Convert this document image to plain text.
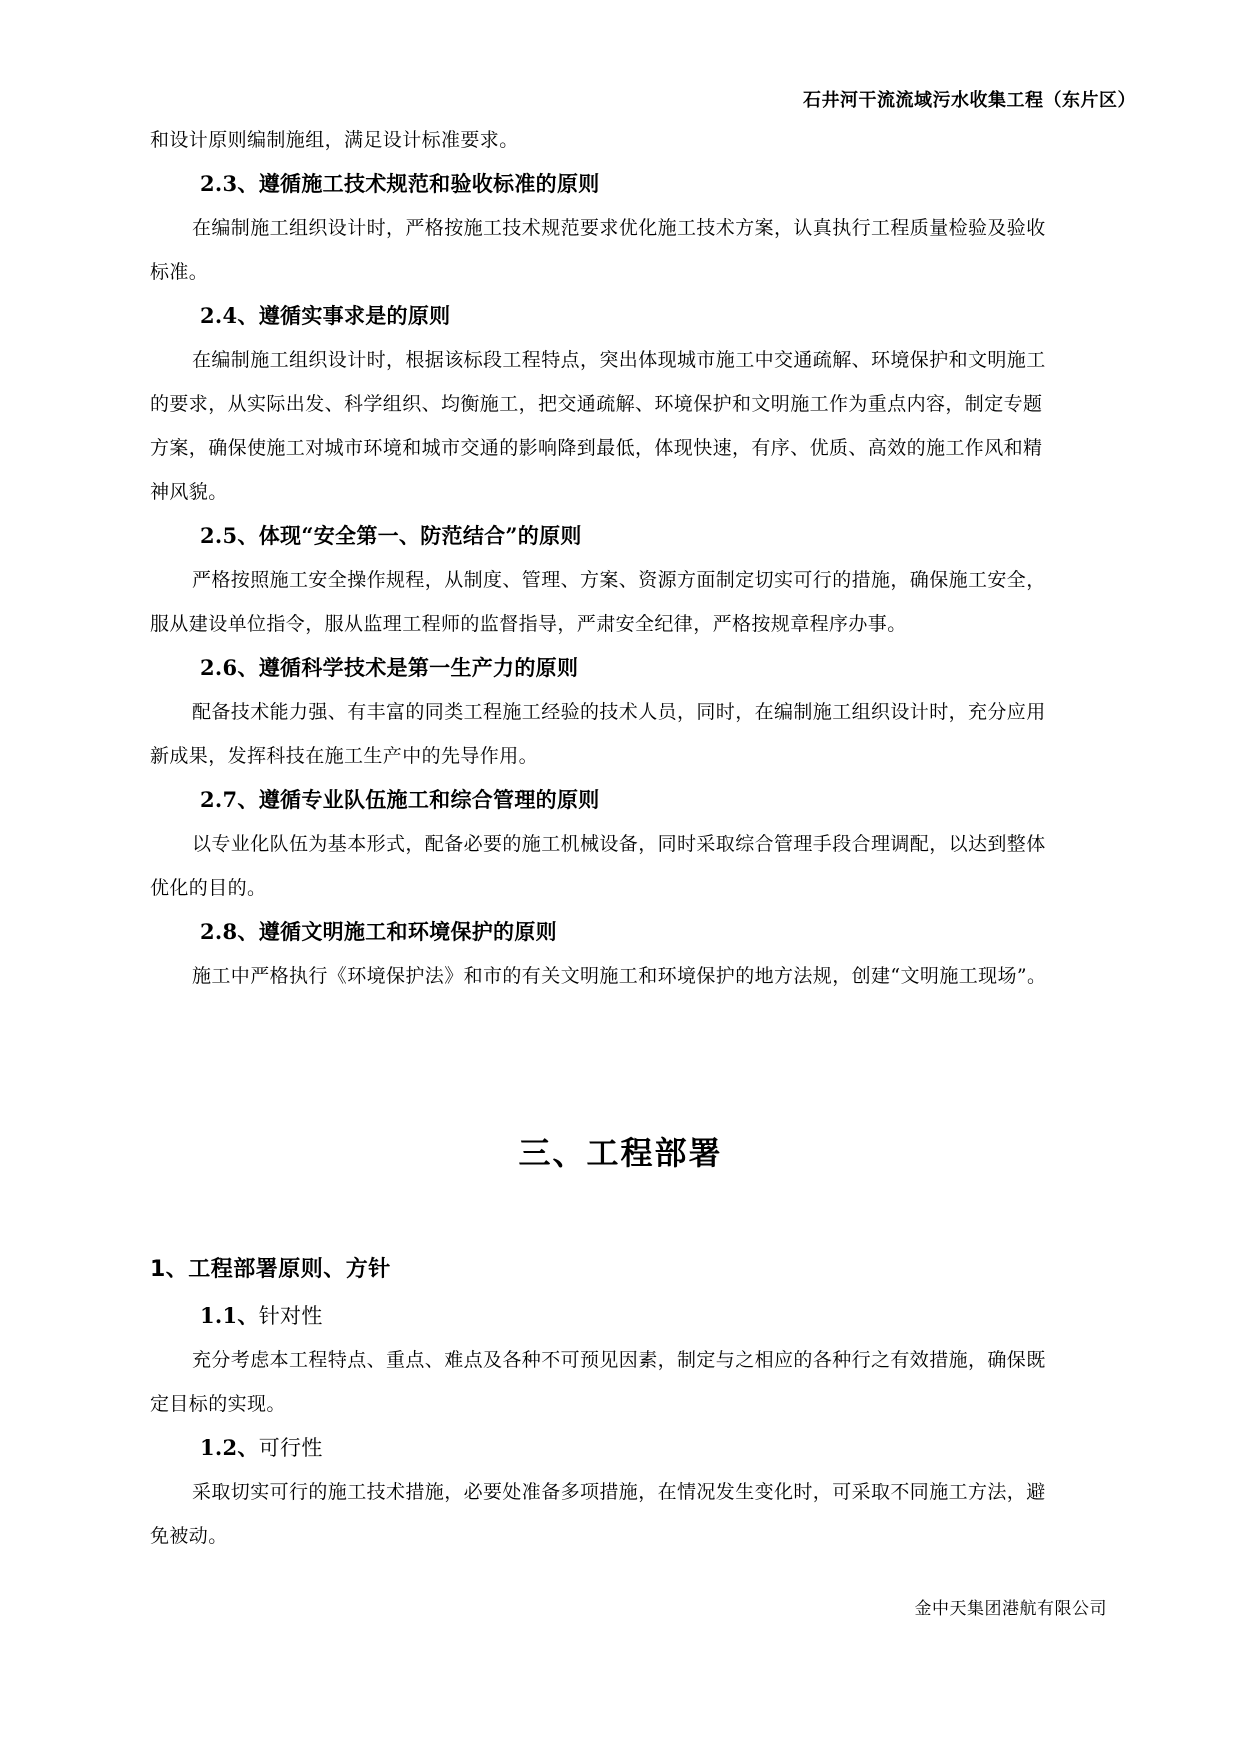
石井河干流流域污水收集工程（东片区）

和设计原则编制施组，满足设计标准要求。

2.3、遵循施工技术规范和验收标准的原则

在编制施工组织设计时，严格按施工技术规范要求优化施工技术方案，认真执行工程质量检验及验收

标准。

2.4、遵循实事求是的原则

在编制施工组织设计时，根据该标段工程特点，突出体现城市施工中交通疏解、环境保护和文明施工

的要求，从实际出发、科学组织、均衡施工，把交通疏解、环境保护和文明施工作为重点内容，制定专题

方案，确保使施工对城市环境和城市交通的影响降到最低，体现快速，有序、优质、高效的施工作风和精

神风貌。

2.5、体现“安全第一、防范结合”的原则

严格按照施工安全操作规程，从制度、管理、方案、资源方面制定切实可行的措施，确保施工安全，

服从建设单位指令，服从监理工程师的监督指导，严肃安全纪律，严格按规章程序办事。

2.6、遵循科学技术是第一生产力的原则

配备技术能力强、有丰富的同类工程施工经验的技术人员，同时，在编制施工组织设计时，充分应用

新成果，发挥科技在施工生产中的先导作用。

2.7、遵循专业队伍施工和综合管理的原则

以专业化队伍为基本形式，配备必要的施工机械设备，同时采取综合管理手段合理调配，以达到整体

优化的目的。

2.8、遵循文明施工和环境保护的原则

施工中严格执行《环境保护法》和市的有关文明施工和环境保护的地方法规，创建“文明施工现场”。

三、工程部署
1、工程部署原则、方针

1.1、针对性

充分考虑本工程特点、重点、难点及各种不可预见因素，制定与之相应的各种行之有效措施，确保既

定目标的实现。

1.2、可行性

采取切实可行的施工技术措施，必要处准备多项措施，在情况发生变化时，可采取不同施工方法，避

免被动。

金中天集团港航有限公司
